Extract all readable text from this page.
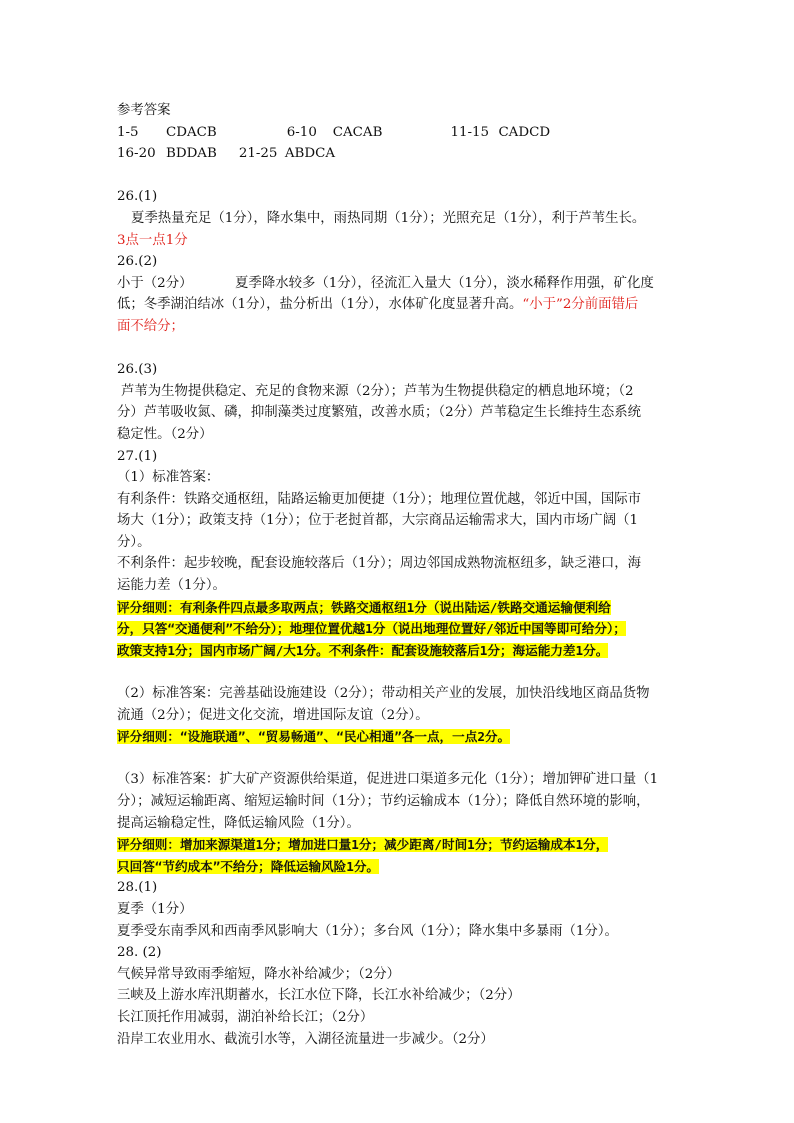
参考答案
1-5 CDACB	6-10 CACAB	11-15 CADCD
16-20 BDDAB 21-25 ABDCA
26.(1)
夏季热量充足（1分），降水集中，雨热同期（1分）；光照充足（1分），利于芦苇生长。
3点一点1分
26.(2)
小于（2分）          夏季降水较多（1分），径流汇入量大（1分），淡水稀释作用强，矿化度
低；冬季湖泊结冰（1分），盐分析出（1分），水体矿化度显著升高。“小于”2分前面错后
面不给分；
26.(3)
芦苇为生物提供稳定、充足的食物来源（2分）；芦苇为生物提供稳定的栖息地环境；（2
分）芦苇吸收氮、磷，抑制藻类过度繁殖，改善水质；（2分）芦苇稳定生长维持生态系统
稳定性。（2分）
27.(1)
（1）标准答案：
有利条件：铁路交通枢纽，陆路运输更加便捷（1分）；地理位置优越，邻近中国，国际市
场大（1分）；政策支持（1分）；位于老挝首都，大宗商品运输需求大，国内市场广阔（1
分）。
不利条件：起步较晚，配套设施较落后（1分）；周边邻国成熟物流枢纽多，缺乏港口，海
运能力差（1分）。
评分细则：有利条件四点最多取两点；铁路交通枢纽1分（说出陆运/铁路交通运输便利给
分，只答“交通便利”不给分）；地理位置优越1分（说出地理位置好/邻近中国等即可给分）；
政策支持1分；国内市场广阔/大1分。不利条件：配套设施较落后1分；海运能力差1分。
（2）标准答案：完善基础设施建设（2分）；带动相关产业的发展，加快沿线地区商品货物
流通（2分）；促进文化交流，增进国际友谊（2分）。
评分细则：“设施联通”、“贸易畅通”、“民心相通”各一点，一点2分。
（3）标准答案：扩大矿产资源供给渠道，促进进口渠道多元化（1分）；增加钾矿进口量（1
分）；减短运输距离、缩短运输时间（1分）；节约运输成本（1分）；降低自然环境的影响，
提高运输稳定性，降低运输风险（1分）。
评分细则：增加来源渠道1分；增加进口量1分；减少距离/时间1分；节约运输成本1分，
只回答“节约成本”不给分；降低运输风险1分。
28.(1)
夏季（1分）
夏季受东南季风和西南季风影响大（1分）；多台风（1分）；降水集中多暴雨（1分）。
28. (2)
气候异常导致雨季缩短，降水补给减少；（2分）
三峡及上游水库汛期蓄水，长江水位下降，长江水补给减少；（2分）
长江顶托作用减弱，湖泊补给长江；（2分）
沿岸工农业用水、截流引水等，入湖径流量进一步减少。（2分）
